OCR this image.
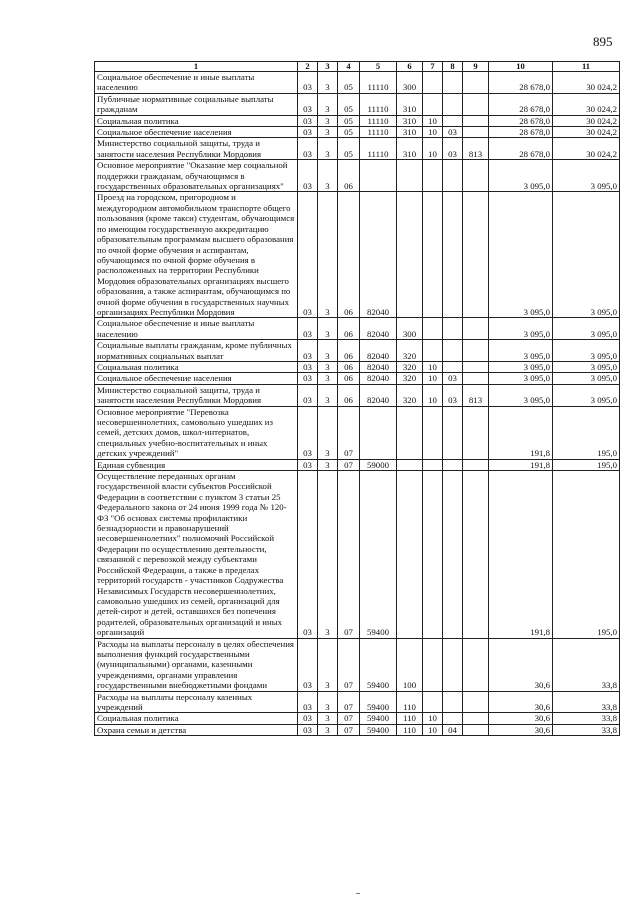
895
1	2	3	4	5	6	7	8	9	10	11
Социальное обеспечение и иные выплаты населению	03	3	05	11110	300				28 678,0	30 024,2
Публичные нормативные социальные выплаты гражданам	03	3	05	11110	310				28 678,0	30 024,2
Социальная политика	03	3	05	11110	310	10			28 678,0	30 024,2
Социальное обеспечение населения	03	3	05	11110	310	10	03		28 678,0	30 024,2
Министерство социальной защиты, труда и занятости населения Республики Мордовия	03	3	05	11110	310	10	03	813	28 678,0	30 024,2
Основное мероприятие "Оказание мер социальной поддержки гражданам, обучающимся в государственных образовательных организациях"	03	3	06						3 095,0	3 095,0
Проезд на городском, пригородном и междугородном автомобильном транспорте общего пользования (кроме такси) студентам, обучающимся по имеющим государственную аккредитацию образовательным программам высшего образования по очной форме обучения и аспирантам, обучающимся по очной форме обучения в расположенных на территории Республики Мордовия образовательных организациях высшего образования, а также аспирантам, обучающимся по очной форме обучения в государственных научных организациях Республики Мордовия	03	3	06	82040					3 095,0	3 095,0
Социальное обеспечение и иные выплаты населению	03	3	06	82040	300				3 095,0	3 095,0
Социальные выплаты гражданам, кроме публичных нормативных социальных выплат	03	3	06	82040	320				3 095,0	3 095,0
Социальная политика	03	3	06	82040	320	10			3 095,0	3 095,0
Социальное обеспечение населения	03	3	06	82040	320	10	03		3 095,0	3 095,0
Министерство социальной защиты, труда и занятости населения Республики Мордовия	03	3	06	82040	320	10	03	813	3 095,0	3 095,0
Основное мероприятие "Перевозка несовершеннолетних, самовольно ушедших из семей, детских домов, школ-интернатов, специальных учебно-воспитательных и иных детских учреждений"	03	3	07						191,8	195,0
Единая субвенция	03	3	07	59000					191,8	195,0
Осуществление переданных органам государственной власти субъектов Российской Федерации в соответствии с пунктом 3 статьи 25 Федерального закона от 24 июня 1999 года № 120-ФЗ "Об основах системы профилактики безнадзорности и правонарушений несовершеннолетних" полномочий Российской Федерации по осуществлению деятельности, связанной с перевозкой между субъектами Российской Федерации, а также в пределах территорий государств - участников Содружества Независимых Государств несовершеннолетних, самовольно ушедших из семей, организаций для детей-сирот и детей, оставшихся без попечения родителей, образовательных организаций и иных организаций	03	3	07	59400					191,8	195,0
Расходы на выплаты персоналу в целях обеспечения выполнения функций государственными (муниципальными) органами, казенными учреждениями, органами управления государственными внебюджетными фондами	03	3	07	59400	100				30,6	33,8
Расходы на выплаты персоналу казенных учреждений	03	3	07	59400	110				30,6	33,8
Социальная политика	03	3	07	59400	110	10			30,6	33,8
Охрана семьи и детства	03	3	07	59400	110	10	04		30,6	33,8
